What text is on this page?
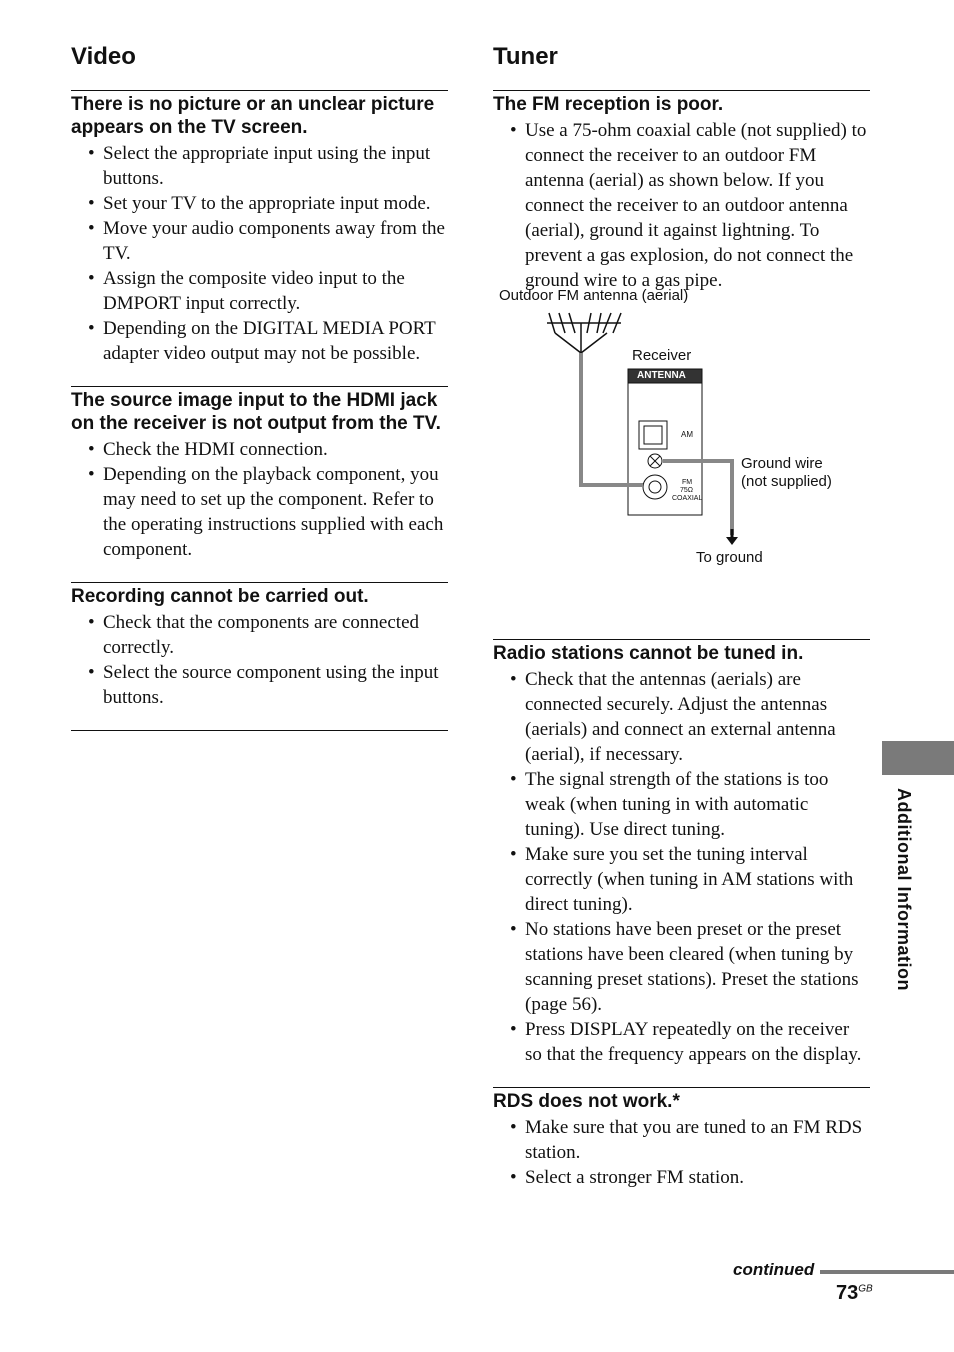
Video
There is no picture or an unclear picture appears on the TV screen.
• Select the appropriate input using the input buttons.
• Set your TV to the appropriate input mode.
• Move your audio components away from the TV.
• Assign the composite video input to the DMPORT input correctly.
• Depending on the DIGITAL MEDIA PORT adapter video output may not be possible.
The source image input to the HDMI jack on the receiver is not output from the TV.
• Check the HDMI connection.
• Depending on the playback component, you may need to set up the component. Refer to the operating instructions supplied with each component.
Recording cannot be carried out.
• Check that the components are connected correctly.
• Select the source component using the input buttons.
Tuner
The FM reception is poor.
• Use a 75-ohm coaxial cable (not supplied) to connect the receiver to an outdoor FM antenna (aerial) as shown below. If you connect the receiver to an outdoor antenna (aerial), ground it against lightning. To prevent a gas explosion, do not connect the ground wire to a gas pipe.
Outdoor FM antenna (aerial)
Receiver
ANTENNA
AM
FM
75Ω
COAXIAL
Ground wire
(not supplied)
To ground
Radio stations cannot be tuned in.
• Check that the antennas (aerials) are connected securely. Adjust the antennas (aerials) and connect an external antenna (aerial), if necessary.
• The signal strength of the stations is too weak (when tuning in with automatic tuning). Use direct tuning.
• Make sure you set the tuning interval correctly (when tuning in AM stations with direct tuning).
• No stations have been preset or the preset stations have been cleared (when tuning by scanning preset stations). Preset the stations (page 56).
• Press DISPLAY repeatedly on the receiver so that the frequency appears on the display.
RDS does not work.*
• Make sure that you are tuned to an FM RDS station.
• Select a stronger FM station.
Additional Information
continued
$73^{GB}$
